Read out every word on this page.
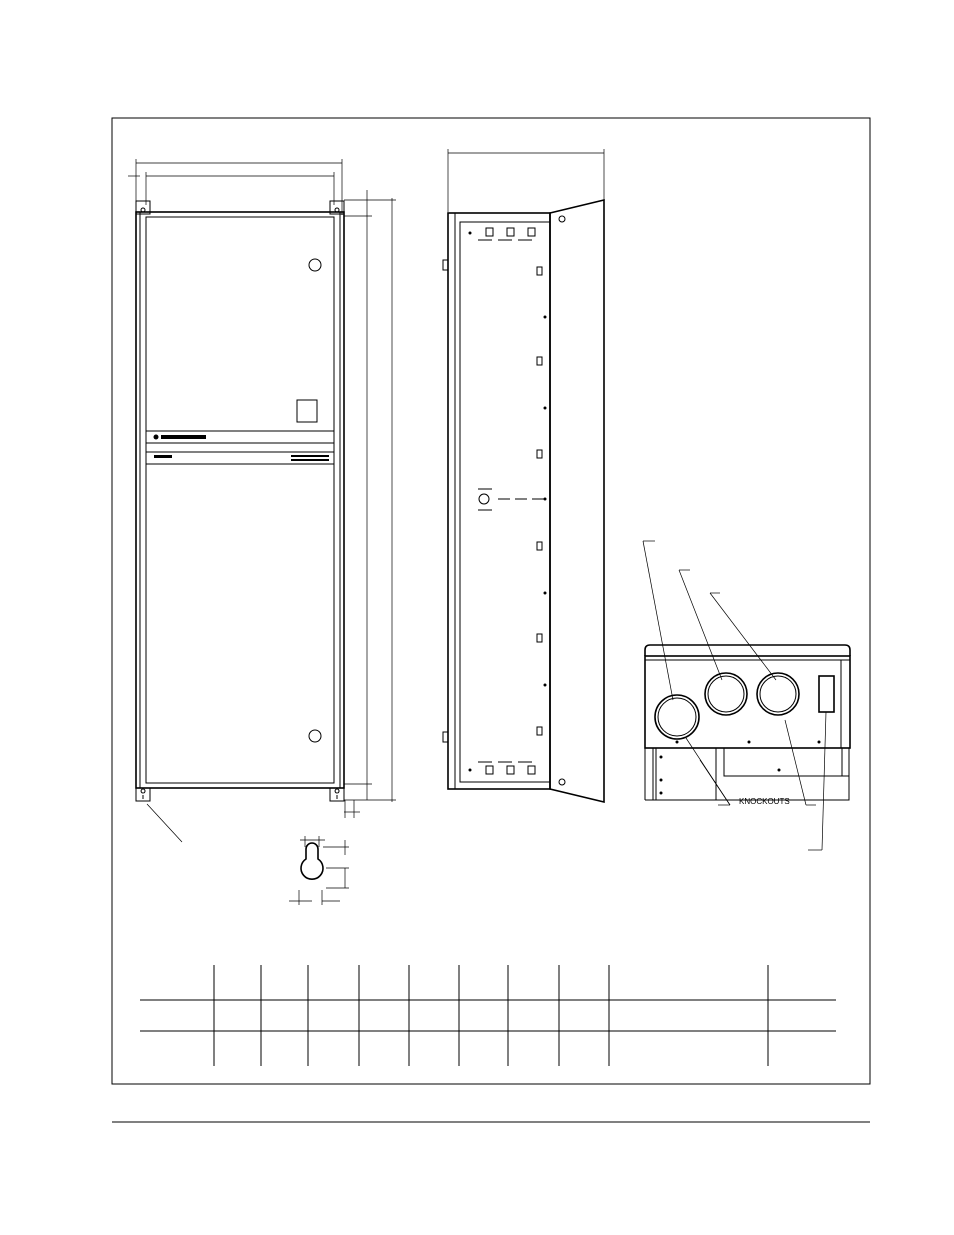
KNOCKOUTS
